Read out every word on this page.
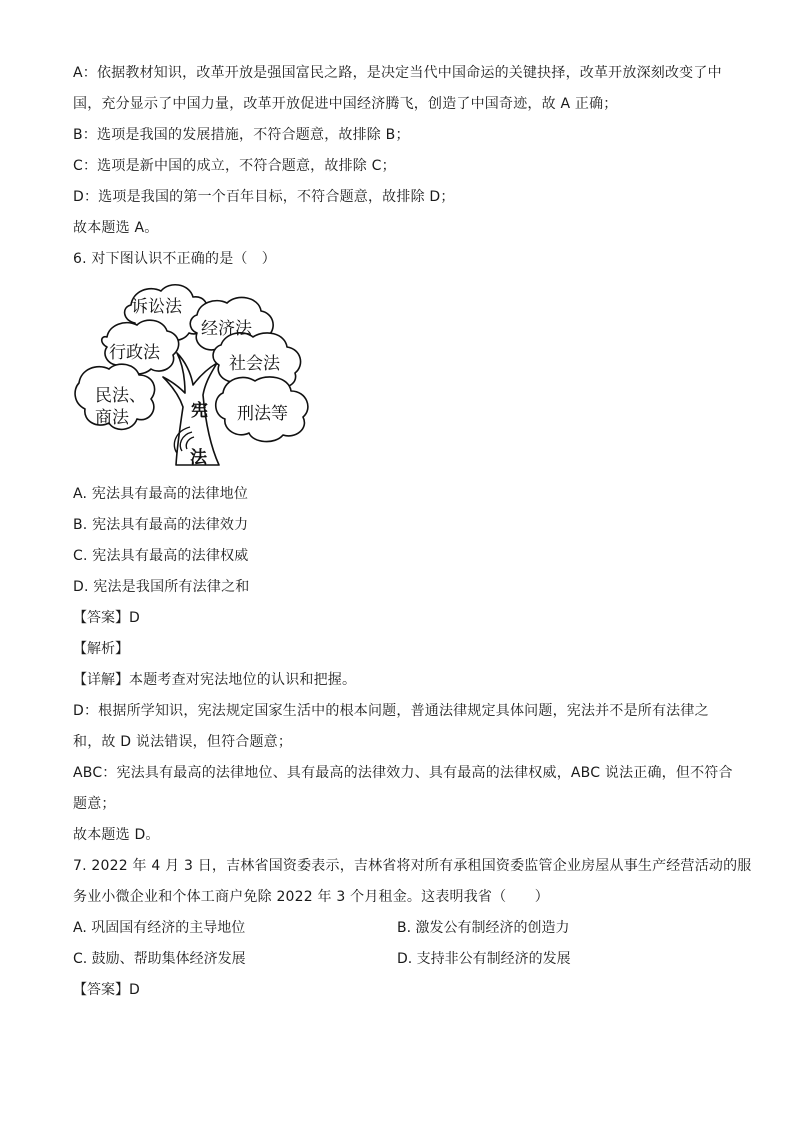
A：依据教材知识，改革开放是强国富民之路，是决定当代中国命运的关键抉择，改革开放深刻改变了中
国，充分显示了中国力量，改革开放促进中国经济腾飞，创造了中国奇迹，故 A 正确；
B：选项是我国的发展措施，不符合题意，故排除 B；
C：选项是新中国的成立，不符合题意，故排除 C；
D：选项是我国的第一个百年目标，不符合题意，故排除 D；
故本题选 A。
6. 对下图认识不正确的是（　）
诉讼法
经济法
行政法
社会法
民法、
商法	刑法等
宪
法
A. 宪法具有最高的法律地位
B. 宪法具有最高的法律效力
C. 宪法具有最高的法律权威
D. 宪法是我国所有法律之和
【答案】D
【解析】
【详解】本题考查对宪法地位的认识和把握。
D：根据所学知识，宪法规定国家生活中的根本问题，普通法律规定具体问题，宪法并不是所有法律之
和，故 D 说法错误，但符合题意；
ABC：宪法具有最高的法律地位、具有最高的法律效力、具有最高的法律权威，ABC 说法正确，但不符合
题意；
故本题选 D。
7. 2022 年 4 月 3 日，吉林省国资委表示，吉林省将对所有承租国资委监管企业房屋从事生产经营活动的服
务业小微企业和个体工商户免除 2022 年 3 个月租金。这表明我省（　　）
A. 巩固国有经济的主导地位	B. 激发公有制经济的创造力
C. 鼓励、帮助集体经济发展	D. 支持非公有制经济的发展
【答案】D
